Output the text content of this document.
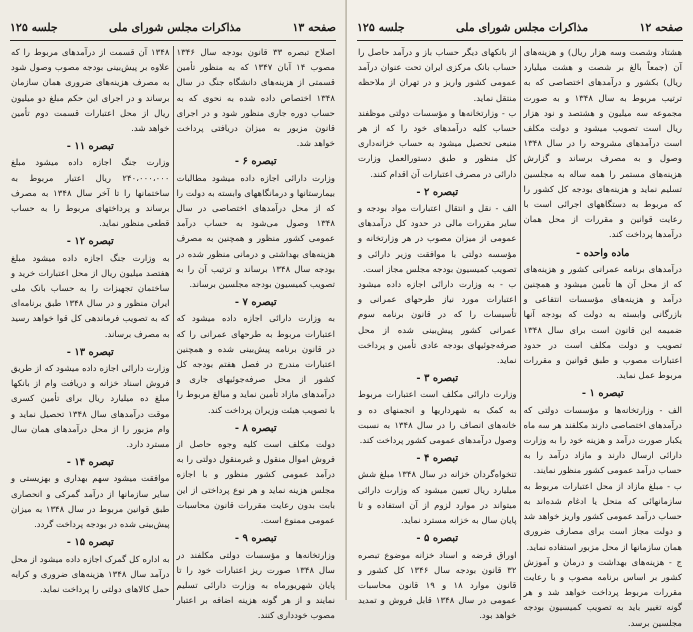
صفحه ۱۳
مذاکرات مجلس شورای ملی
جلسه ۱۲۵

اصلاح تبصره ۳۳ قانون بودجه سال ۱۳۴۶ مصوب ۱۴ آبان ۱۳۴۷ که به منظور تأمین قسمتی از هزینه‌های دانشگاه جنگ در سال ۱۳۴۸ اختصاص داده شده به نحوی که به حساب دوره جاری منظور شود و در اجرای قانون مزبور به میزان دریافتی پرداخت خواهد شد.

تبصره ۶ -

وزارت دارائی اجازه داده میشود مطالبات بیمارستانها و درمانگاههای وابسته به دولت را که از محل درآمدهای اختصاصی در سال ۱۳۴۸ وصول می‌شود به حساب درآمد عمومی کشور منظور و همچنین به مصرف هزینه‌های بهداشتی و درمانی منظور شده در بودجه سال ۱۳۴۸ برساند و ترتیب آن را به تصویب کمیسیون بودجه مجلسین برساند.

تبصره ۷ -

به وزارت دارائی اجازه داده میشود که اعتبارات مربوط به طرحهای عمرانی را که در قانون برنامه پیش‌بینی شده و همچنین اعتبارات مندرج در فصل هفتم بودجه کل کشور از محل صرفه‌جوئیهای جاری و درآمدهای مازاد تأمین نماید و مبالغ مربوط را با تصویب هیئت وزیران پرداخت کند.

تبصره ۸ -

دولت مکلف است کلیه وجوه حاصل از فروش اموال منقول و غیرمنقول دولتی را به درآمد عمومی کشور منظور و با اجازه مجلس هزینه نماید و هر نوع پرداختی از این بابت بدون رعایت مقررات قانون محاسبات عمومی ممنوع است.

تبصره ۹ -

وزارتخانه‌ها و مؤسسات دولتی مکلفند در سال ۱۳۴۸ صورت ریز اعتبارات خود را تا پایان شهریورماه به وزارت دارائی تسلیم نمایند و از هر گونه هزینه اضافه بر اعتبار مصوب خودداری کنند.

۱۳۴۸ آن قسمت از درآمدهای مربوط را که علاوه بر پیش‌بینی بودجه مصوب وصول شود به مصرف هزینه‌های ضروری همان سازمان برساند و در اجرای این حکم مبلغ دو میلیون ریال از محل اعتبارات قسمت دوم تأمین خواهد شد.

تبصره ۱۱ -

وزارت جنگ اجازه داده میشود مبلغ ۲۴۰،۰۰۰،۰۰۰ ریال اعتبار مربوط به ساختمانها را تا آخر سال ۱۳۴۸ به مصرف برساند و پرداختهای مربوط را به حساب قطعی منظور نماید.

تبصره ۱۲ -

به وزارت جنگ اجازه داده میشود مبلغ هفتصد میلیون ریال از محل اعتبارات خرید و ساختمان تجهیزات را به حساب بانک ملی ایران منظور و در سال ۱۳۴۸ طبق برنامه‌ای که به تصویب فرماندهی کل قوا خواهد رسید به مصرف برساند.

تبصره ۱۳ -

وزارت دارائی اجازه داده میشود که از طریق فروش اسناد خزانه و دریافت وام از بانکها مبلغ ده میلیارد ریال برای تأمین کسری موقت درآمدهای سال ۱۳۴۸ تحصیل نماید و وام مزبور را از محل درآمدهای همان سال مسترد دارد.

تبصره ۱۴ -

موافقت میشود سهم بهداری و بهزیستی و سایر سازمانها از درآمد گمرکی و انحصاری طبق قوانین مربوط در سال ۱۳۴۸ به میزان پیش‌بینی شده در بودجه پرداخت گردد.

تبصره ۱۵ -

به اداره کل گمرک اجازه داده میشود از محل درآمد سال ۱۳۴۸ هزینه‌های ضروری و کرایه حمل کالاهای دولتی را پرداخت نماید.

صفحه ۱۲
مذاکرات مجلس شورای ملی
جلسه ۱۲۵

هشتاد وشصت وسه هزار ریال) و هزینه‌های آن (جمعاً بالغ بر شصت و هشت میلیارد ریال) بکشور و درآمدهای اختصاصی که به ترتیب مربوط به سال ۱۳۴۸ و به صورت مجموعه سه میلیون و هشتصد و نود هزار ریال است تصویب میشود و دولت مکلف است درآمدهای مشروحه را در سال ۱۳۴۸ وصول و به مصرف برساند و گزارش هزینه‌های مستمر را همه ساله به مجلسین تسلیم نماید و هزینه‌های بودجه کل کشور را که مربوط به دستگاههای اجرائی است با رعایت قوانین و مقررات از محل همان درآمدها پرداخت کند.

ماده واحده -

درآمدهای برنامه عمرانی کشور و هزینه‌های که از محل آن ها تأمین میشود و همچنین درآمد و هزینه‌های مؤسسات انتفاعی و بازرگانی وابسته به دولت که بودجه آنها ضمیمه این قانون است برای سال ۱۳۴۸ تصویب و دولت مکلف است در حدود اعتبارات مصوب و طبق قوانین و مقررات مربوط عمل نماید.

تبصره ۱ -

الف - وزارتخانه‌ها و مؤسسات دولتی که درآمدهای اختصاصی دارند مکلفند هر سه ماه یکبار صورت درآمد و هزینه خود را به وزارت دارائی ارسال دارند و مازاد درآمد را به حساب درآمد عمومی کشور منظور نمایند.

ب - مبلغ مازاد از محل اعتبارات مربوط به سازمانهائی که منحل یا ادغام شده‌اند به حساب درآمد عمومی کشور واریز خواهد شد و دولت مجاز است برای مصارف ضروری همان سازمانها از محل مزبور استفاده نماید.

ج - هزینه‌های بهداشت و درمان و آموزش کشور بر اساس برنامه مصوب و با رعایت مقررات مربوط پرداخت خواهد شد و هر گونه تغییر باید به تصویب کمیسیون بودجه مجلسین برسد.

از بانکهای دیگر حساب باز و درآمد حاصل را حساب بانک مرکزی ایران تحت عنوان درآمد عمومی کشور واریز و در تهران از ملاحظه منتقل نماید.

ب - وزارتخانه‌ها و مؤسسات دولتی موظفند حساب کلیه درآمدهای خود را که از هر منبعی تحصیل میشود به حساب خزانه‌داری کل منظور و طبق دستورالعمل وزارت دارائی در مصرف اعتبارات آن اقدام کنند.

تبصره ۲ -

الف - نقل و انتقال اعتبارات مواد بودجه و سایر مقررات مالی در حدود کل درآمدهای عمومی از میزان مصوب در هر وزارتخانه و مؤسسه دولتی با موافقت وزیر دارائی و تصویب کمیسیون بودجه مجلس مجاز است.

ب - به وزارت دارائی اجازه داده میشود اعتبارات مورد نیاز طرحهای عمرانی و تأسیسات را که در قانون برنامه سوم عمرانی کشور پیش‌بینی شده از محل صرفه‌جوئیهای بودجه عادی تأمین و پرداخت نماید.

تبصره ۳ -

وزارت دارائی مکلف است اعتبارات مربوط به کمک به شهرداریها و انجمنهای ده و خانه‌های انصاف را در سال ۱۳۴۸ به نسبت وصول درآمدهای عمومی کشور پرداخت کند.

تبصره ۴ -

تنخواه‌گردان خزانه در سال ۱۳۴۸ مبلغ شش میلیارد ریال تعیین میشود که وزارت دارائی میتواند در موارد لزوم از آن استفاده و تا پایان سال به خزانه مسترد نماید.

تبصره ۵ -

اوراق قرضه و اسناد خزانه موضوع تبصره ۳۲ قانون بودجه سال ۱۳۴۶ کل کشور و قانون موارد ۱۸ و ۱۹ قانون محاسبات عمومی در سال ۱۳۴۸ قابل فروش و تمدید خواهد بود.
